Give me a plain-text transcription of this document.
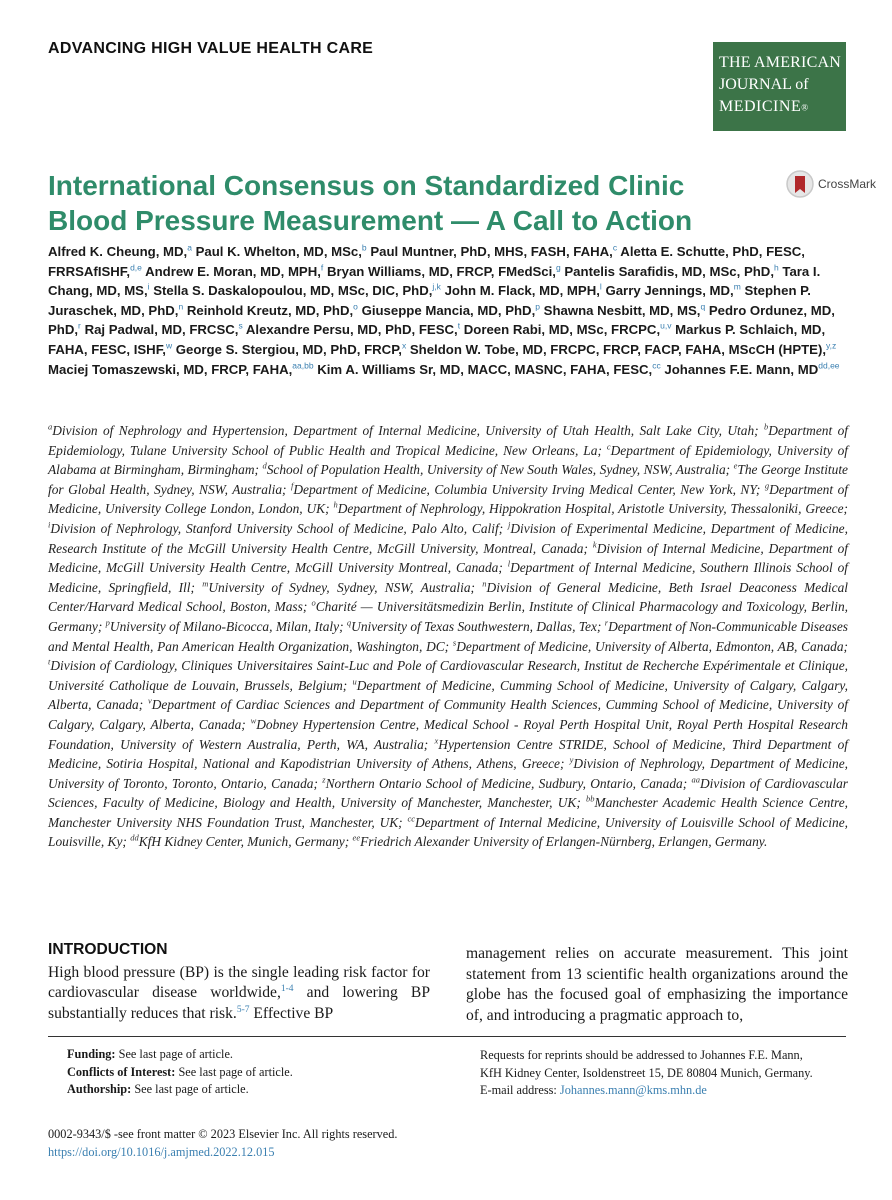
ADVANCING HIGH VALUE HEALTH CARE
THE AMERICAN
JOURNAL of
MEDICINE®
International Consensus on Standardized Clinic
Blood Pressure Measurement — A Call to Action
CrossMark
Alfred K. Cheung, MD,$^a$ Paul K. Whelton, MD, MSc,$^b$ Paul Muntner, PhD, MHS, FASH, FAHA,$^c$ Aletta E. Schutte, PhD, FESC, FRRSAfISHF,$^{d,e}$ Andrew E. Moran, MD, MPH,$^f$ Bryan Williams, MD, FRCP, FMedSci,$^g$ Pantelis Sarafidis, MD, MSc, PhD,$^h$ Tara I. Chang, MD, MS,$^i$ Stella S. Daskalopoulou, MD, MSc, DIC, PhD,$^{j,k}$ John M. Flack, MD, MPH,$^l$ Garry Jennings, MD,$^m$ Stephen P. Juraschek, MD, PhD,$^n$ Reinhold Kreutz, MD, PhD,$^o$ Giuseppe Mancia, MD, PhD,$^p$ Shawna Nesbitt, MD, MS,$^q$ Pedro Ordunez, MD, PhD,$^r$ Raj Padwal, MD, FRCSC,$^s$ Alexandre Persu, MD, PhD, FESC,$^t$ Doreen Rabi, MD, MSc, FRCPC,$^{u,v}$ Markus P. Schlaich, MD, FAHA, FESC, ISHF,$^w$ George S. Stergiou, MD, PhD, FRCP,$^x$ Sheldon W. Tobe, MD, FRCPC, FRCP, FACP, FAHA, MScCH (HPTE),$^{y,z}$ Maciej Tomaszewski, MD, FRCP, FAHA,$^{aa,bb}$ Kim A. Williams Sr, MD, MACC, MASNC, FAHA, FESC,$^{cc}$ Johannes F.E. Mann, $MD^{dd,ee}$
$^a$Division of Nephrology and Hypertension, Department of Internal Medicine, University of Utah Health, Salt Lake City, Utah; $^b$Department of Epidemiology, Tulane University School of Public Health and Tropical Medicine, New Orleans, La; $^c$Department of Epidemiology, University of Alabama at Birmingham, Birmingham; $^d$School of Population Health, University of New South Wales, Sydney, NSW, Australia; $^e$The George Institute for Global Health, Sydney, NSW, Australia; $^f$Department of Medicine, Columbia University Irving Medical Center, New York, NY; $^g$Department of Medicine, University College London, London, UK; $^h$Department of Nephrology, Hippokration Hospital, Aristotle University, Thessaloniki, Greece; $^i$Division of Nephrology, Stanford University School of Medicine, Palo Alto, Calif; $^j$Division of Experimental Medicine, Department of Medicine, Research Institute of the McGill University Health Centre, McGill University, Montreal, Canada; $^k$Division of Internal Medicine, Department of Medicine, McGill University Health Centre, McGill University Montreal, Canada; $^l$Department of Internal Medicine, Southern Illinois School of Medicine, Springfield, Ill; $^m$University of Sydney, Sydney, NSW, Australia; $^n$Division of General Medicine, Beth Israel Deaconess Medical Center/Harvard Medical School, Boston, Mass; $^o$Charité — Universitätsmedizin Berlin, Institute of Clinical Pharmacology and Toxicology, Berlin, Germany; $^p$University of Milano-Bicocca, Milan, Italy; $^q$University of Texas Southwestern, Dallas, Tex; $^r$Department of Non-Communicable Diseases and Mental Health, Pan American Health Organization, Washington, DC; $^s$Department of Medicine, University of Alberta, Edmonton, AB, Canada; $^t$Division of Cardiology, Cliniques Universitaires Saint-Luc and Pole of Cardiovascular Research, Institut de Recherche Expérimentale et Clinique, Université Catholique de Louvain, Brussels, Belgium; $^u$Department of Medicine, Cumming School of Medicine, University of Calgary, Calgary, Alberta, Canada; $^v$Department of Cardiac Sciences and Department of Community Health Sciences, Cumming School of Medicine, University of Calgary, Calgary, Alberta, Canada; $^w$Dobney Hypertension Centre, Medical School - Royal Perth Hospital Unit, Royal Perth Hospital Research Foundation, University of Western Australia, Perth, WA, Australia; $^x$Hypertension Centre STRIDE, School of Medicine, Third Department of Medicine, Sotiria Hospital, National and Kapodistrian University of Athens, Athens, Greece; $^y$Division of Nephrology, Department of Medicine, University of Toronto, Toronto, Ontario, Canada; $^z$Northern Ontario School of Medicine, Sudbury, Ontario, Canada; $^{aa}$Division of Cardiovascular Sciences, Faculty of Medicine, Biology and Health, University of Manchester, Manchester, UK; $^{bb}$Manchester Academic Health Science Centre, Manchester University NHS Foundation Trust, Manchester, UK; $^{cc}$Department of Internal Medicine, University of Louisville School of Medicine, Louisville, Ky; $^{dd}$KfH Kidney Center, Munich, Germany; $^{ee}$Friedrich Alexander University of Erlangen-Nürnberg, Erlangen, Germany.
INTRODUCTION
High blood pressure (BP) is the single leading risk factor for cardiovascular disease worldwide,$^{1-4}$ and lowering BP substantially reduces that risk.$^{5-7}$ Effective BP
management relies on accurate measurement. This joint statement from 13 scientific health organizations around the globe has the focused goal of emphasizing the importance of, and introducing a pragmatic approach to,
Funding: See last page of article.
Conflicts of Interest: See last page of article.
Authorship: See last page of article.
Requests for reprints should be addressed to Johannes F.E. Mann, KfH Kidney Center, Isoldenstreet 15, DE 80804 Munich, Germany.
E-mail address: Johannes.mann@kms.mhn.de
0002-9343/$ -see front matter © 2023 Elsevier Inc. All rights reserved.
https://doi.org/10.1016/j.amjmed.2022.12.015
